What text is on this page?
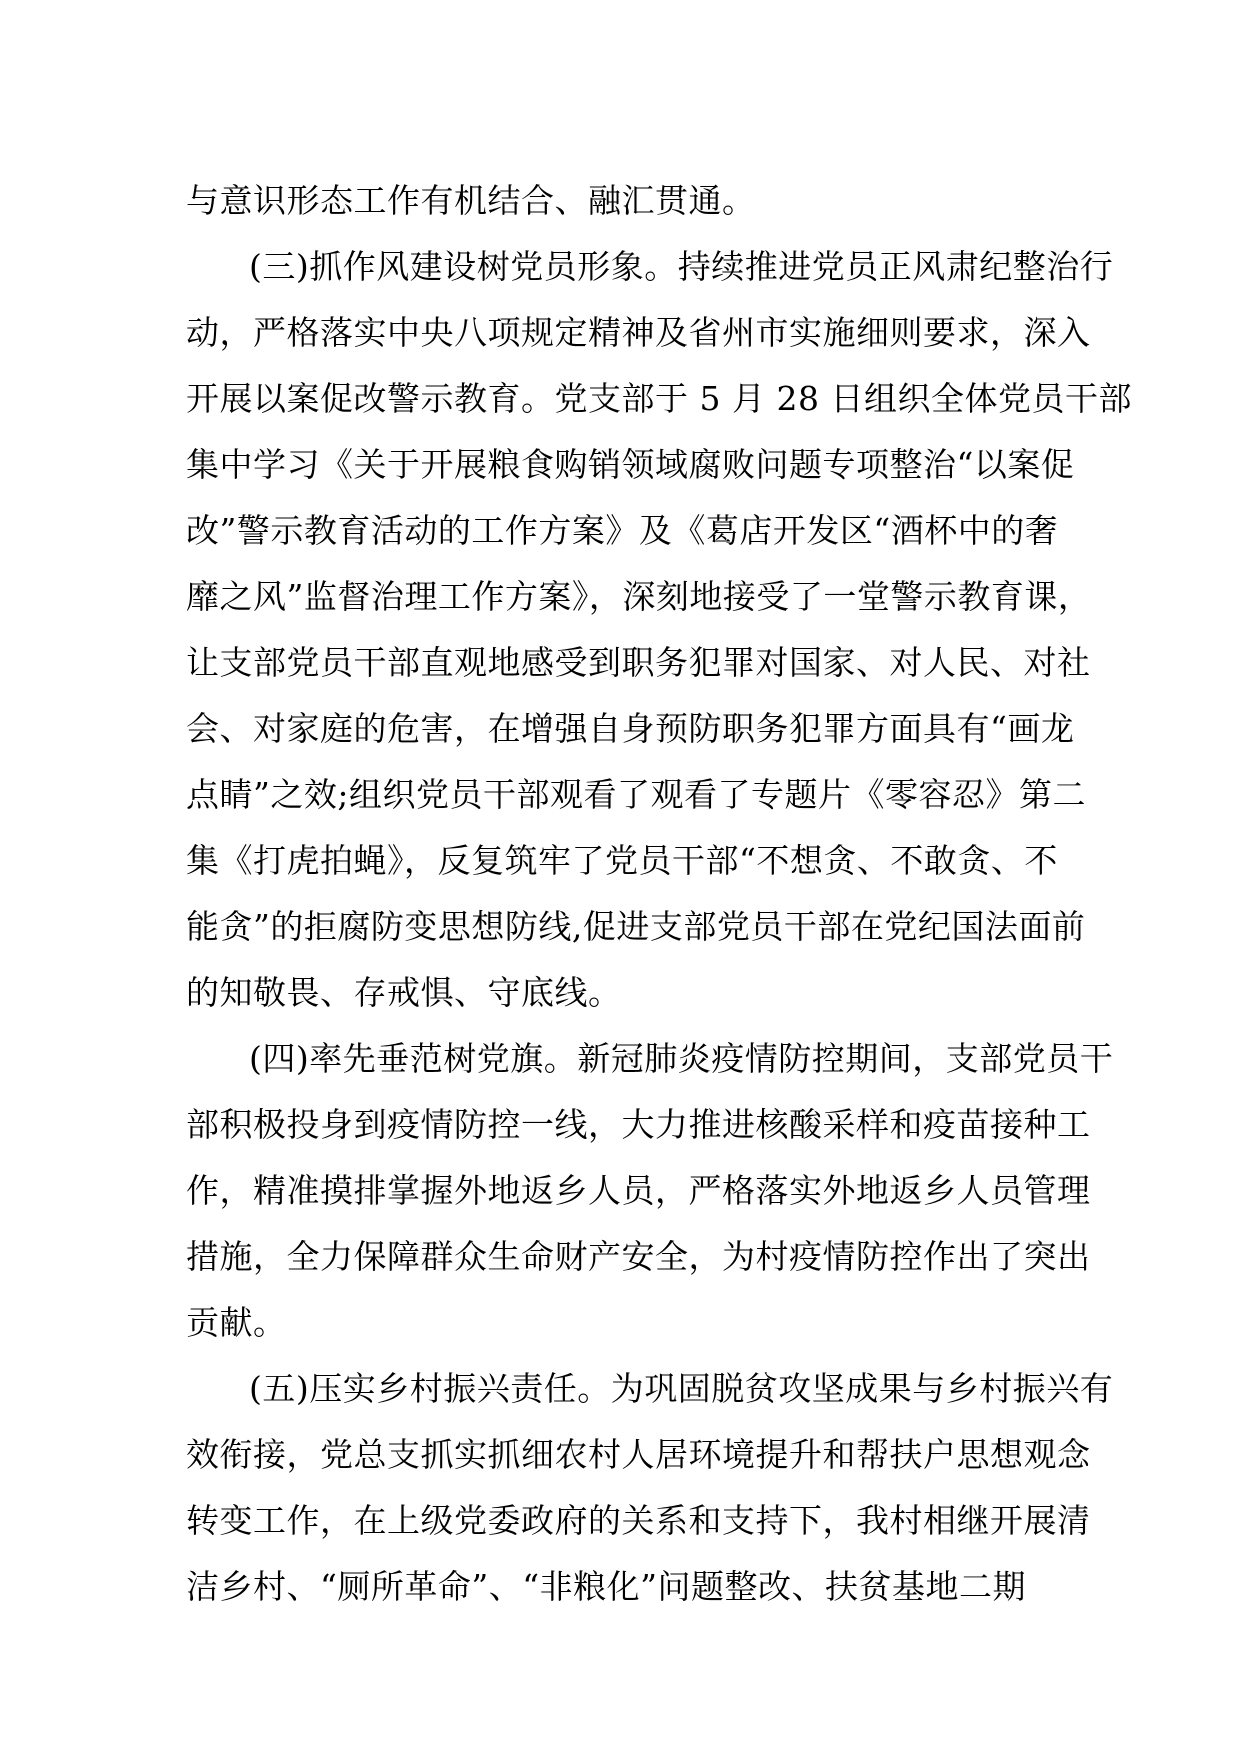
与意识形态工作有机结合、融汇贯通。
(三)抓作风建设树党员形象。持续推进党员正风肃纪整治行
动，严格落实中央八项规定精神及省州市实施细则要求，深入
开展以案促改警示教育。党支部于 5 月 28 日组织全体党员干部
集中学习《关于开展粮食购销领域腐败问题专项整治“以案促
改”警示教育活动的工作方案》及《葛店开发区“酒杯中的奢
靡之风”监督治理工作方案》，深刻地接受了一堂警示教育课，
让支部党员干部直观地感受到职务犯罪对国家、对人民、对社
会、对家庭的危害，在增强自身预防职务犯罪方面具有“画龙
点睛”之效;组织党员干部观看了观看了专题片《零容忍》第二
集《打虎拍蝇》，反复筑牢了党员干部“不想贪、不敢贪、不
能贪”的拒腐防变思想防线,促进支部党员干部在党纪国法面前
的知敬畏、存戒惧、守底线。
(四)率先垂范树党旗。新冠肺炎疫情防控期间，支部党员干
部积极投身到疫情防控一线，大力推进核酸采样和疫苗接种工
作，精准摸排掌握外地返乡人员，严格落实外地返乡人员管理
措施，全力保障群众生命财产安全，为村疫情防控作出了突出
贡献。
(五)压实乡村振兴责任。为巩固脱贫攻坚成果与乡村振兴有
效衔接，党总支抓实抓细农村人居环境提升和帮扶户思想观念
转变工作，在上级党委政府的关系和支持下，我村相继开展清
洁乡村、“厕所革命”、“非粮化”问题整改、扶贫基地二期
